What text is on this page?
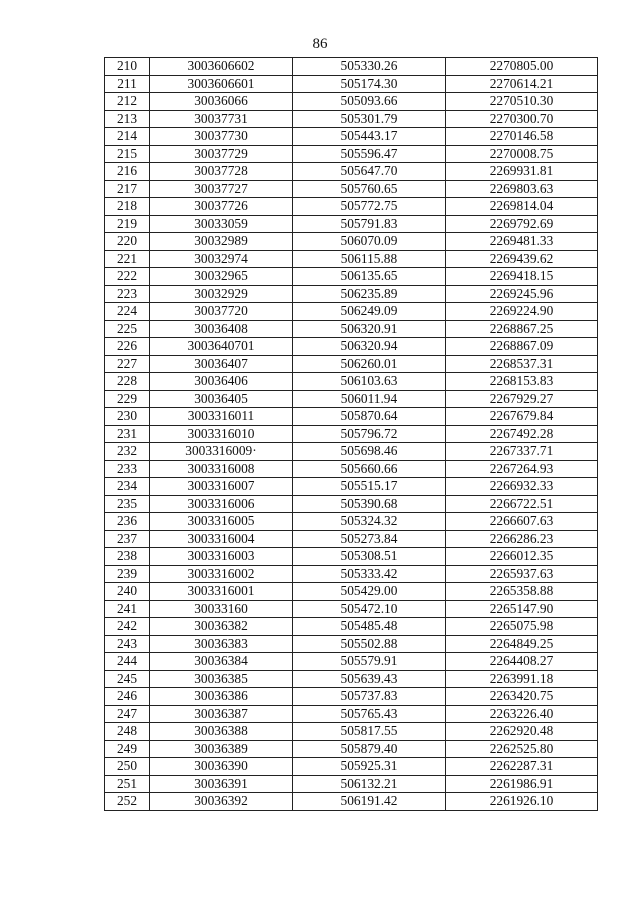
86
210	3003606602	505330.26	2270805.00
211	3003606601	505174.30	2270614.21
212	30036066	505093.66	2270510.30
213	30037731	505301.79	2270300.70
214	30037730	505443.17	2270146.58
215	30037729	505596.47	2270008.75
216	30037728	505647.70	2269931.81
217	30037727	505760.65	2269803.63
218	30037726	505772.75	2269814.04
219	30033059	505791.83	2269792.69
220	30032989	506070.09	2269481.33
221	30032974	506115.88	2269439.62
222	30032965	506135.65	2269418.15
223	30032929	506235.89	2269245.96
224	30037720	506249.09	2269224.90
225	30036408	506320.91	2268867.25
226	3003640701	506320.94	2268867.09
227	30036407	506260.01	2268537.31
228	30036406	506103.63	2268153.83
229	30036405	506011.94	2267929.27
230	3003316011	505870.64	2267679.84
231	3003316010	505796.72	2267492.28
232	3003316009·	505698.46	2267337.71
233	3003316008	505660.66	2267264.93
234	3003316007	505515.17	2266932.33
235	3003316006	505390.68	2266722.51
236	3003316005	505324.32	2266607.63
237	3003316004	505273.84	2266286.23
238	3003316003	505308.51	2266012.35
239	3003316002	505333.42	2265937.63
240	3003316001	505429.00	2265358.88
241	30033160	505472.10	2265147.90
242	30036382	505485.48	2265075.98
243	30036383	505502.88	2264849.25
244	30036384	505579.91	2264408.27
245	30036385	505639.43	2263991.18
246	30036386	505737.83	2263420.75
247	30036387	505765.43	2263226.40
248	30036388	505817.55	2262920.48
249	30036389	505879.40	2262525.80
250	30036390	505925.31	2262287.31
251	30036391	506132.21	2261986.91
252	30036392	506191.42	2261926.10
